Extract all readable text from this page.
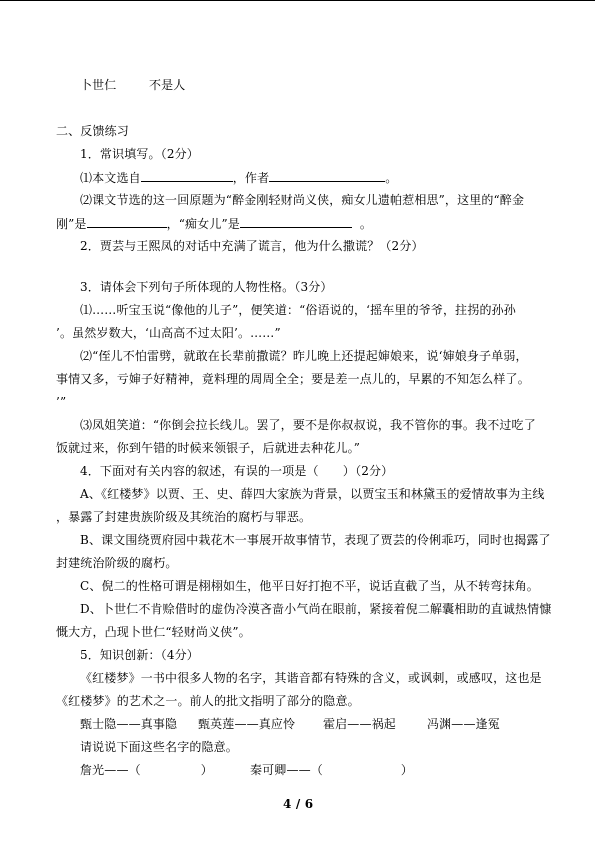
卜世仁	不是人
二、反馈练习
1．常识填写。（2分）
⑴本文选自	，作者	。
⑵课文节选的这一回原题为“醉金刚轻财尚义侠，痴女儿遗帕惹相思”，这里的“醉金
刚”是	，“痴女儿”是	。
2．贾芸与王熙凤的对话中充满了谎言，他为什么撒谎？（2分）
3．请体会下列句子所体现的人物性格。（3分）
⑴……听宝玉说“像他的儿子”，便笑道：“俗语说的，‘摇车里的爷爷，拄拐的孙孙
’。虽然岁数大，‘山高高不过太阳’。……”
⑵“侄儿不怕雷劈，就敢在长辈前撒谎？昨儿晚上还提起婶娘来，说‘婶娘身子单弱，
事情又多，亏婶子好精神，竟料理的周周全全；要是差一点儿的，早累的不知怎么样了。
’”
⑶凤姐笑道：“你倒会拉长线儿。罢了，要不是你叔叔说，我不管你的事。我不过吃了
饭就过来，你到午错的时候来领银子，后就进去种花儿。”
4．下面对有关内容的叙述，有误的一项是（　　）（2分）
A、《红楼梦》以贾、王、史、薛四大家族为背景，以贾宝玉和林黛玉的爱情故事为主线
，暴露了封建贵族阶级及其统治的腐朽与罪恶。
B、课文围绕贾府园中栽花木一事展开故事情节，表现了贾芸的伶俐乖巧，同时也揭露了
封建统治阶级的腐朽。
C、倪二的性格可谓是栩栩如生，他平日好打抱不平，说话直截了当，从不转弯抹角。
D、卜世仁不肯赊借时的虚伪冷漠吝啬小气尚在眼前，紧接着倪二解囊相助的直诚热情慷
慨大方，凸现卜世仁“轻财尚义侠”。
5．知识创新：（4分）
《红楼梦》一书中很多人物的名字，其谐音都有特殊的含义，或讽刺，或感叹，这也是
《红楼梦》的艺术之一。前人的批文指明了部分的隐意。
甄士隐——真事隐 甄英莲——真应怜 霍启——祸起	冯渊——逢冤
请说说下面这些名字的隐意。
詹光——（	）	秦可卿——（	）
4 / 6
